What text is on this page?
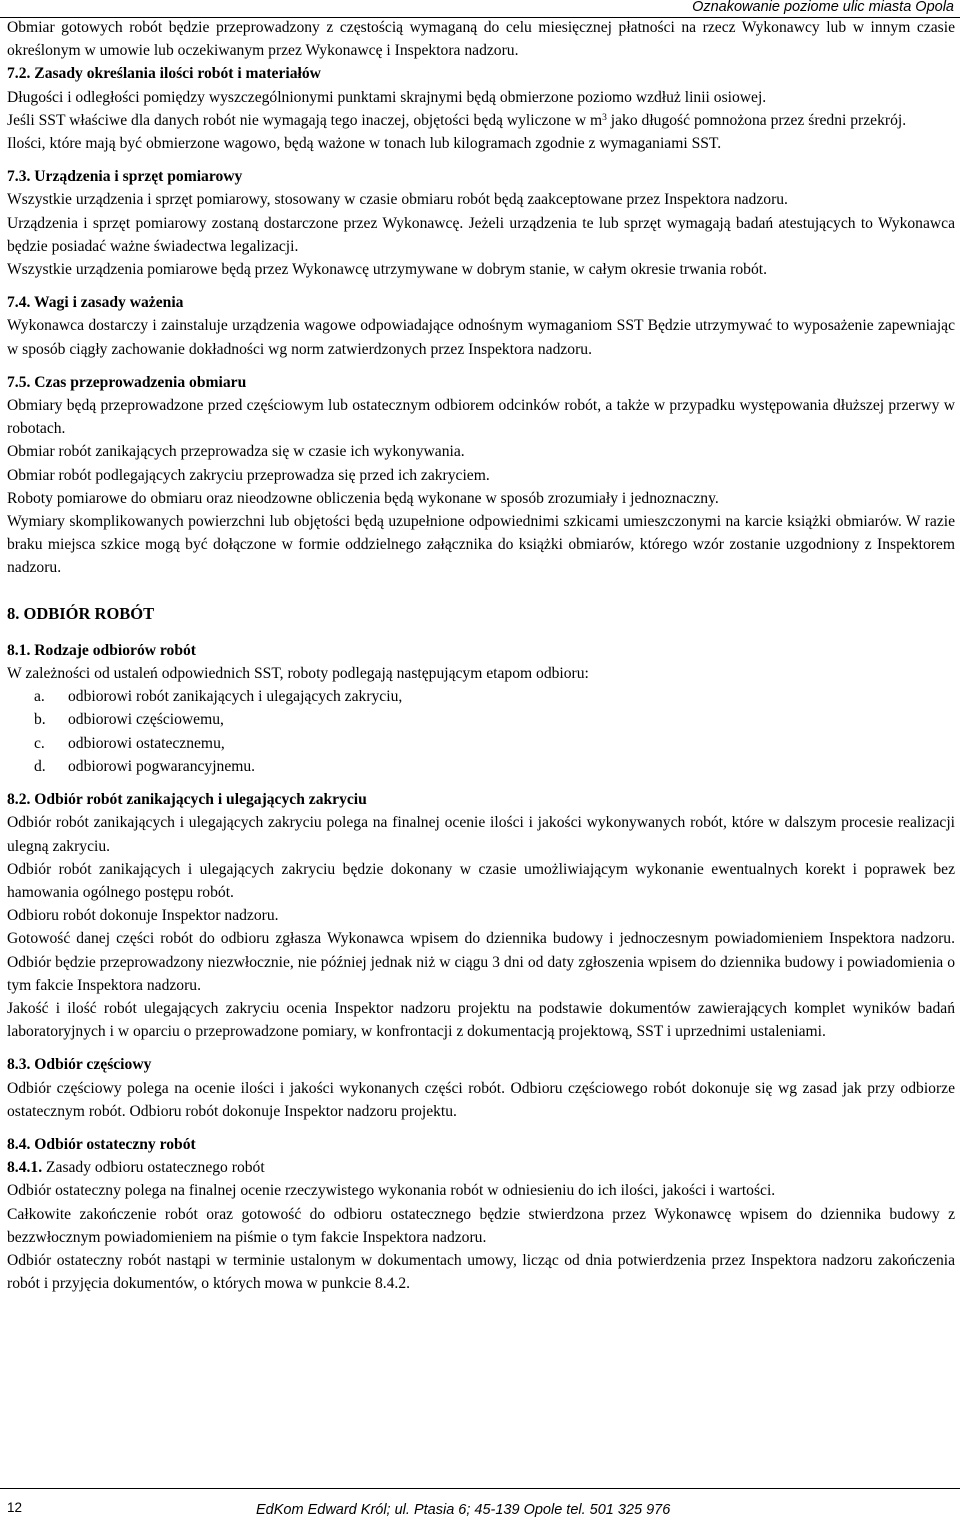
Oznakowanie poziome ulic miasta Opola

Obmiar gotowych robót będzie przeprowadzony z częstością wymaganą do celu miesięcznej płatności na rzecz Wykonawcy lub w innym czasie określonym w umowie lub oczekiwanym przez Wykonawcę i Inspektora nadzoru.

7.2. Zasady określania ilości robót i materiałów

Długości i odległości pomiędzy wyszczególnionymi punktami skrajnymi będą obmierzone poziomo wzdłuż linii osiowej.

Jeśli SST właściwe dla danych robót nie wymagają tego inaczej, objętości będą wyliczone w $m^3$ jako długość pomnożona przez średni przekrój.

Ilości, które mają być obmierzone wagowo, będą ważone w tonach lub kilogramach zgodnie z wymaganiami SST.

7.3. Urządzenia i sprzęt pomiarowy

Wszystkie urządzenia i sprzęt pomiarowy, stosowany w czasie obmiaru robót będą zaakceptowane przez Inspektora nadzoru.

Urządzenia i sprzęt pomiarowy zostaną dostarczone przez Wykonawcę. Jeżeli urządzenia te lub sprzęt wymagają badań atestujących to Wykonawca będzie posiadać ważne świadectwa legalizacji.

Wszystkie urządzenia pomiarowe będą przez Wykonawcę utrzymywane w dobrym stanie, w całym okresie trwania robót.

7.4. Wagi i zasady ważenia

Wykonawca dostarczy i zainstaluje urządzenia wagowe odpowiadające odnośnym wymaganiom SST Będzie utrzymywać to wyposażenie zapewniając w sposób ciągły zachowanie dokładności wg norm zatwierdzonych przez Inspektora nadzoru.

7.5. Czas przeprowadzenia obmiaru

Obmiary będą przeprowadzone przed częściowym lub ostatecznym odbiorem odcinków robót, a także w przypadku występowania dłuższej przerwy w robotach.

Obmiar robót zanikających przeprowadza się w czasie ich wykonywania.

Obmiar robót podlegających zakryciu przeprowadza się przed ich zakryciem.

Roboty pomiarowe do obmiaru oraz nieodzowne obliczenia będą wykonane w sposób zrozumiały i jednoznaczny.

Wymiary skomplikowanych powierzchni lub objętości będą uzupełnione odpowiednimi szkicami umieszczonymi na karcie książki obmiarów. W razie braku miejsca szkice mogą być dołączone w formie oddzielnego załącznika do książki obmiarów, którego wzór zostanie uzgodniony z Inspektorem nadzoru.

8. ODBIÓR ROBÓT
8.1. Rodzaje odbiorów robót

W zależności od ustaleń odpowiednich SST, roboty podlegają następującym etapom odbioru:

a. odbiorowi robót zanikających i ulegających zakryciu,
b. odbiorowi częściowemu,
c. odbiorowi ostatecznemu,
d. odbiorowi pogwarancyjnemu.
8.2. Odbiór robót zanikających i ulegających zakryciu

Odbiór robót zanikających i ulegających zakryciu polega na finalnej ocenie ilości i jakości wykonywanych robót, które w dalszym procesie realizacji ulegną zakryciu.

Odbiór robót zanikających i ulegających zakryciu będzie dokonany w czasie umożliwiającym wykonanie ewentualnych korekt i poprawek bez hamowania ogólnego postępu robót.

Odbioru robót dokonuje Inspektor nadzoru.

Gotowość danej części robót do odbioru zgłasza Wykonawca wpisem do dziennika budowy i jednoczesnym powiadomieniem Inspektora nadzoru. Odbiór będzie przeprowadzony niezwłocznie, nie później jednak niż w ciągu 3 dni od daty zgłoszenia wpisem do dziennika budowy i powiadomienia o tym fakcie Inspektora nadzoru.

Jakość i ilość robót ulegających zakryciu ocenia Inspektor nadzoru projektu na podstawie dokumentów zawierających komplet wyników badań laboratoryjnych i w oparciu o przeprowadzone pomiary, w konfrontacji z dokumentacją projektową, SST i uprzednimi ustaleniami.

8.3. Odbiór częściowy

Odbiór częściowy polega na ocenie ilości i jakości wykonanych części robót. Odbioru częściowego robót dokonuje się wg zasad jak przy odbiorze ostatecznym robót. Odbioru robót dokonuje Inspektor nadzoru projektu.

8.4. Odbiór ostateczny robót
8.4.1. Zasady odbioru ostatecznego robót

Odbiór ostateczny polega na finalnej ocenie rzeczywistego wykonania robót w odniesieniu do ich ilości, jakości i wartości.

Całkowite zakończenie robót oraz gotowość do odbioru ostatecznego będzie stwierdzona przez Wykonawcę wpisem do dziennika budowy z bezzwłocznym powiadomieniem na piśmie o tym fakcie Inspektora nadzoru.

Odbiór ostateczny robót nastąpi w terminie ustalonym w dokumentach umowy, licząc od dnia potwierdzenia przez Inspektora nadzoru zakończenia robót i przyjęcia dokumentów, o których mowa w punkcie 8.4.2.

12	EdKom Edward Król; ul. Ptasia 6; 45-139 Opole tel. 501 325 976
